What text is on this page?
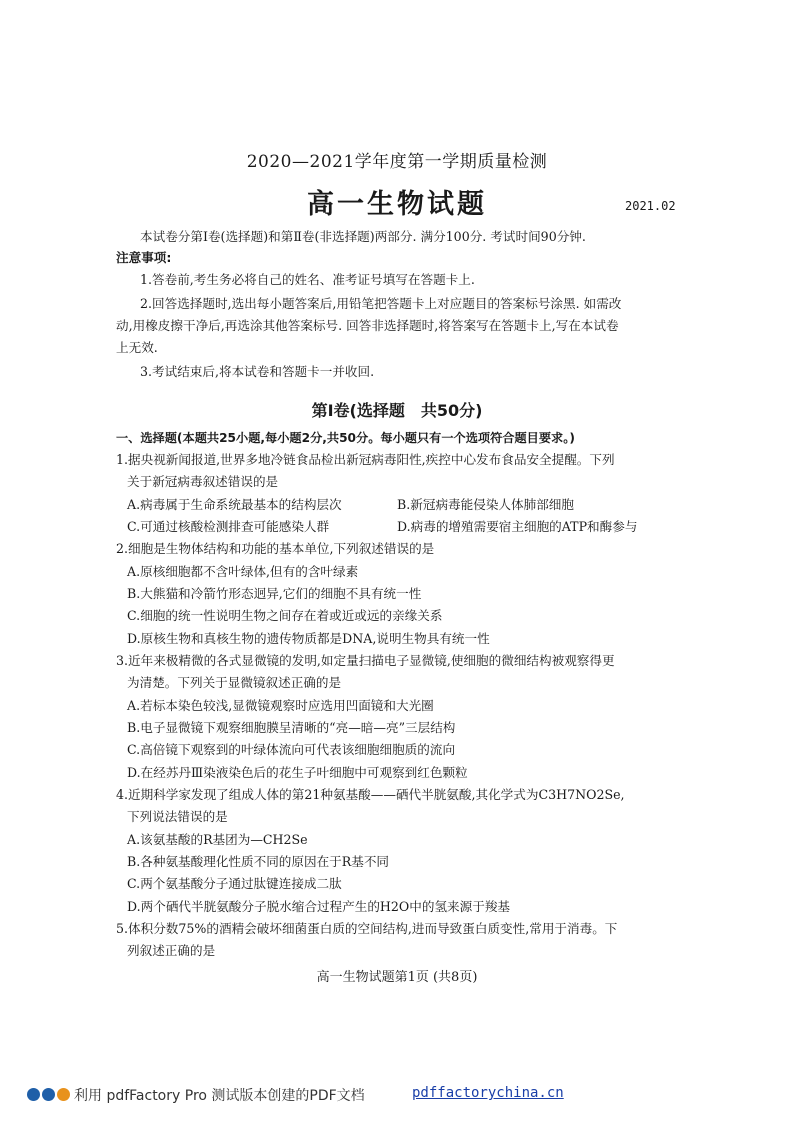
2020—2021学年度第一学期质量检测
高一生物试题	2021.02
本试卷分第Ⅰ卷(选择题)和第Ⅱ卷(非选择题)两部分. 满分100分. 考试时间90分钟.
注意事项:
1.答卷前,考生务必将自己的姓名、准考证号填写在答题卡上.
2.回答选择题时,选出每小题答案后,用铅笔把答题卡上对应题目的答案标号涂黑. 如需改
动,用橡皮擦干净后,再选涂其他答案标号. 回答非选择题时,将答案写在答题卡上,写在本试卷
上无效.
3.考试结束后,将本试卷和答题卡一并收回.
第Ⅰ卷(选择题　共50分)
一、选择题(本题共25小题,每小题2分,共50分。每小题只有一个选项符合题目要求。)
1.据央视新闻报道,世界多地冷链食品检出新冠病毒阳性,疾控中心发布食品安全提醒。下列
关于新冠病毒叙述错误的是
A.病毒属于生命系统最基本的结构层次	B.新冠病毒能侵染人体肺部细胞
C.可通过核酸检测排查可能感染人群	D.病毒的增殖需要宿主细胞的ATP和酶参与
2.细胞是生物体结构和功能的基本单位,下列叙述错误的是
A.原核细胞都不含叶绿体,但有的含叶绿素
B.大熊猫和冷箭竹形态迥异,它们的细胞不具有统一性
C.细胞的统一性说明生物之间存在着或近或远的亲缘关系
D.原核生物和真核生物的遗传物质都是DNA,说明生物具有统一性
3.近年来极精微的各式显微镜的发明,如定量扫描电子显微镜,使细胞的微细结构被观察得更
为清楚。下列关于显微镜叙述正确的是
A.若标本染色较浅,显微镜观察时应选用凹面镜和大光圈
B.电子显微镜下观察细胞膜呈清晰的“亮—暗—亮”三层结构
C.高倍镜下观察到的叶绿体流向可代表该细胞细胞质的流向
D.在经苏丹Ⅲ染液染色后的花生子叶细胞中可观察到红色颗粒
4.近期科学家发现了组成人体的第21种氨基酸——硒代半胱氨酸,其化学式为C3H7NO2Se,
下列说法错误的是
A.该氨基酸的R基团为—CH2Se
B.各种氨基酸理化性质不同的原因在于R基不同
C.两个氨基酸分子通过肽键连接成二肽
D.两个硒代半胱氨酸分子脱水缩合过程产生的H2O中的氢来源于羧基
5.体积分数75%的酒精会破坏细菌蛋白质的空间结构,进而导致蛋白质变性,常用于消毒。下
列叙述正确的是
高一生物试题第1页 (共8页)
利用 pdfFactory Pro 测试版本创建的PDF文档	pdffactorychina.cn
